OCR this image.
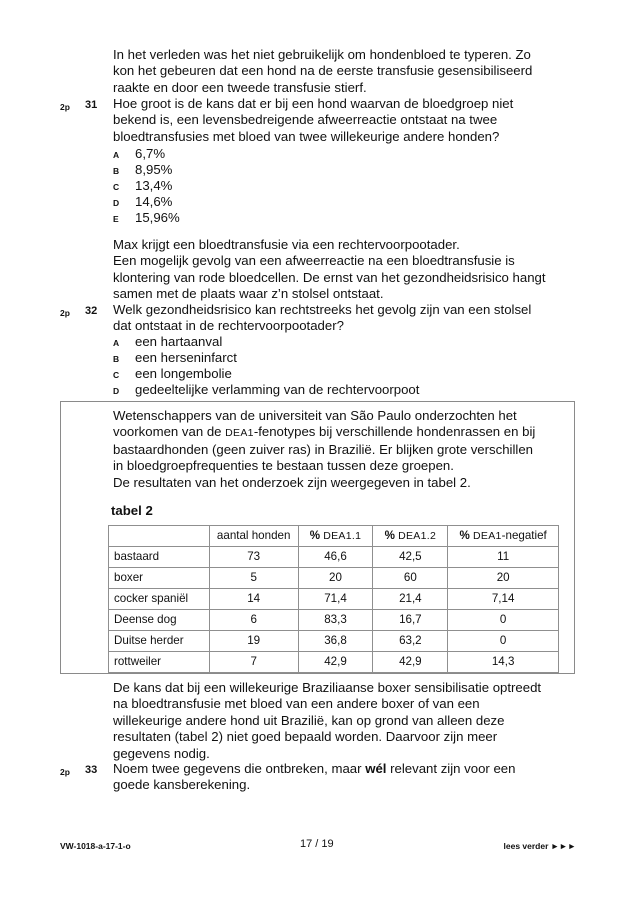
In het verleden was het niet gebruikelijk om hondenbloed te typeren. Zo
kon het gebeuren dat een hond na de eerste transfusie gesensibiliseerd
raakte en door een tweede transfusie stierf.
2p 31 Hoe groot is de kans dat er bij een hond waarvan de bloedgroep niet
bekend is, een levensbedreigende afweerreactie ontstaat na twee
bloedtransfusies met bloed van twee willekeurige andere honden?
A	6,7%
B	8,95%
C	13,4%
D	14,6%
E	15,96%
Max krijgt een bloedtransfusie via een rechtervoorpootader.
Een mogelijk gevolg van een afweerreactie na een bloedtransfusie is
klontering van rode bloedcellen. De ernst van het gezondheidsrisico hangt
samen met de plaats waar z’n stolsel ontstaat.
2p 32 Welk gezondheidsrisico kan rechtstreeks het gevolg zijn van een stolsel
dat ontstaat in de rechtervoorpootader?
A	een hartaanval
B	een herseninfarct
C	een longembolie
D	gedeeltelijke verlamming van de rechtervoorpoot
Wetenschappers van de universiteit van São Paulo onderzochten het
voorkomen van de DEA1-fenotypes bij verschillende hondenrassen en bij
bastaardhonden (geen zuiver ras) in Brazilië. Er blijken grote verschillen
in bloedgroepfrequenties te bestaan tussen deze groepen.
De resultaten van het onderzoek zijn weergegeven in tabel 2.
tabel 2
	aantal honden	% DEA1.1	% DEA1.2	% DEA1-negatief
bastaard	73	46,6	42,5	11
boxer	5	20	60	20
cocker spaniël	14	71,4	21,4	7,14
Deense dog	6	83,3	16,7	0
Duitse herder	19	36,8	63,2	0
rottweiler	7	42,9	42,9	14,3
De kans dat bij een willekeurige Braziliaanse boxer sensibilisatie optreedt
na bloedtransfusie met bloed van een andere boxer of van een
willekeurige andere hond uit Brazilië, kan op grond van alleen deze
resultaten (tabel 2) niet goed bepaald worden. Daarvoor zijn meer
gegevens nodig.
2p 33 Noem twee gegevens die ontbreken, maar wél relevant zijn voor een
goede kansberekening.
VW-1018-a-17-1-o	17 / 19	lees verder ►►►
